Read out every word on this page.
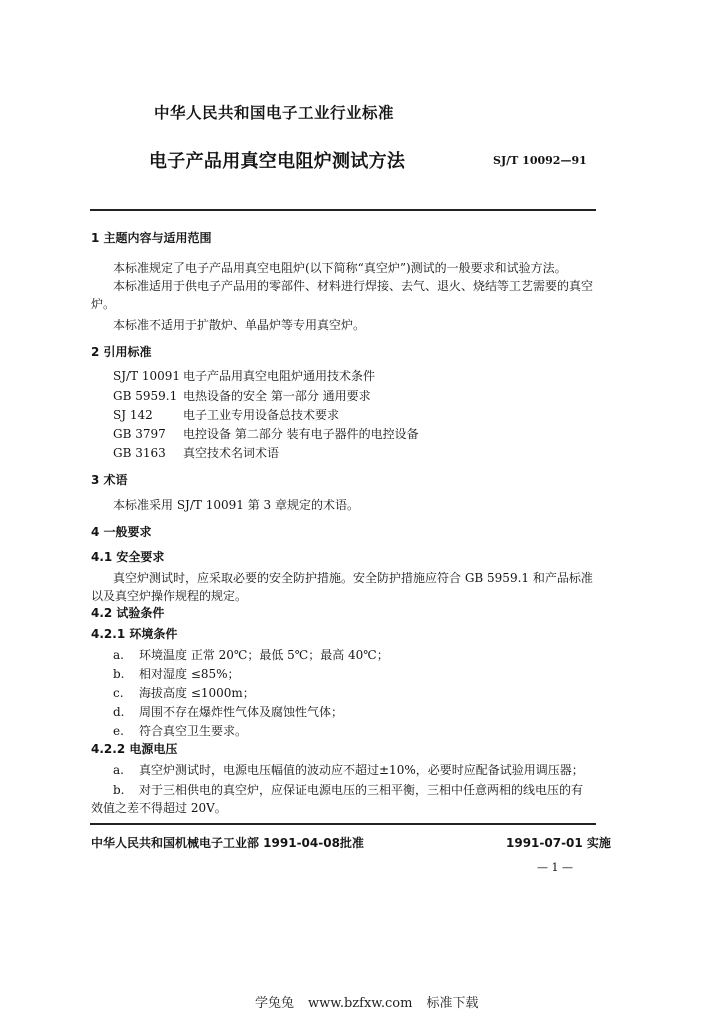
中华人民共和国电子工业行业标准
电子产品用真空电阻炉测试方法	SJ/T 10092—91
1 主题内容与适用范围
本标准规定了电子产品用真空电阻炉(以下简称“真空炉”)测试的一般要求和试验方法。
本标准适用于供电子产品用的零部件、材料进行焊接、去气、退火、烧结等工艺需要的真空
炉。
本标准不适用于扩散炉、单晶炉等专用真空炉。
2 引用标准
SJ/T 10091 电子产品用真空电阻炉通用技术条件
GB 5959.1 电热设备的安全 第一部分 通用要求
SJ 142	电子工业专用设备总技术要求
GB 3797 电控设备 第二部分 装有电子器件的电控设备
GB 3163 真空技术名词术语
3 术语
本标准采用 SJ/T 10091 第 3 章规定的术语。
4 一般要求
4.1 安全要求
真空炉测试时，应采取必要的安全防护措施。安全防护措施应符合 GB 5959.1 和产品标准
以及真空炉操作规程的规定。
4.2 试验条件
4.2.1 环境条件
a. 环境温度 正常 20℃；最低 5℃；最高 40℃；
b. 相对湿度 ≤85%；
c. 海拔高度 ≤1000m；
d. 周围不存在爆炸性气体及腐蚀性气体；
e. 符合真空卫生要求。
4.2.2 电源电压
a. 真空炉测试时，电源电压幅值的波动应不超过±10%，必要时应配备试验用调压器；
b. 对于三相供电的真空炉，应保证电源电压的三相平衡，三相中任意两相的线电压的有
效值之差不得超过 20V。
中华人民共和国机械电子工业部 1991-04-08批准	1991-07-01 实施
— 1 —
学兔兔 www.bzfxw.com 标准下载
